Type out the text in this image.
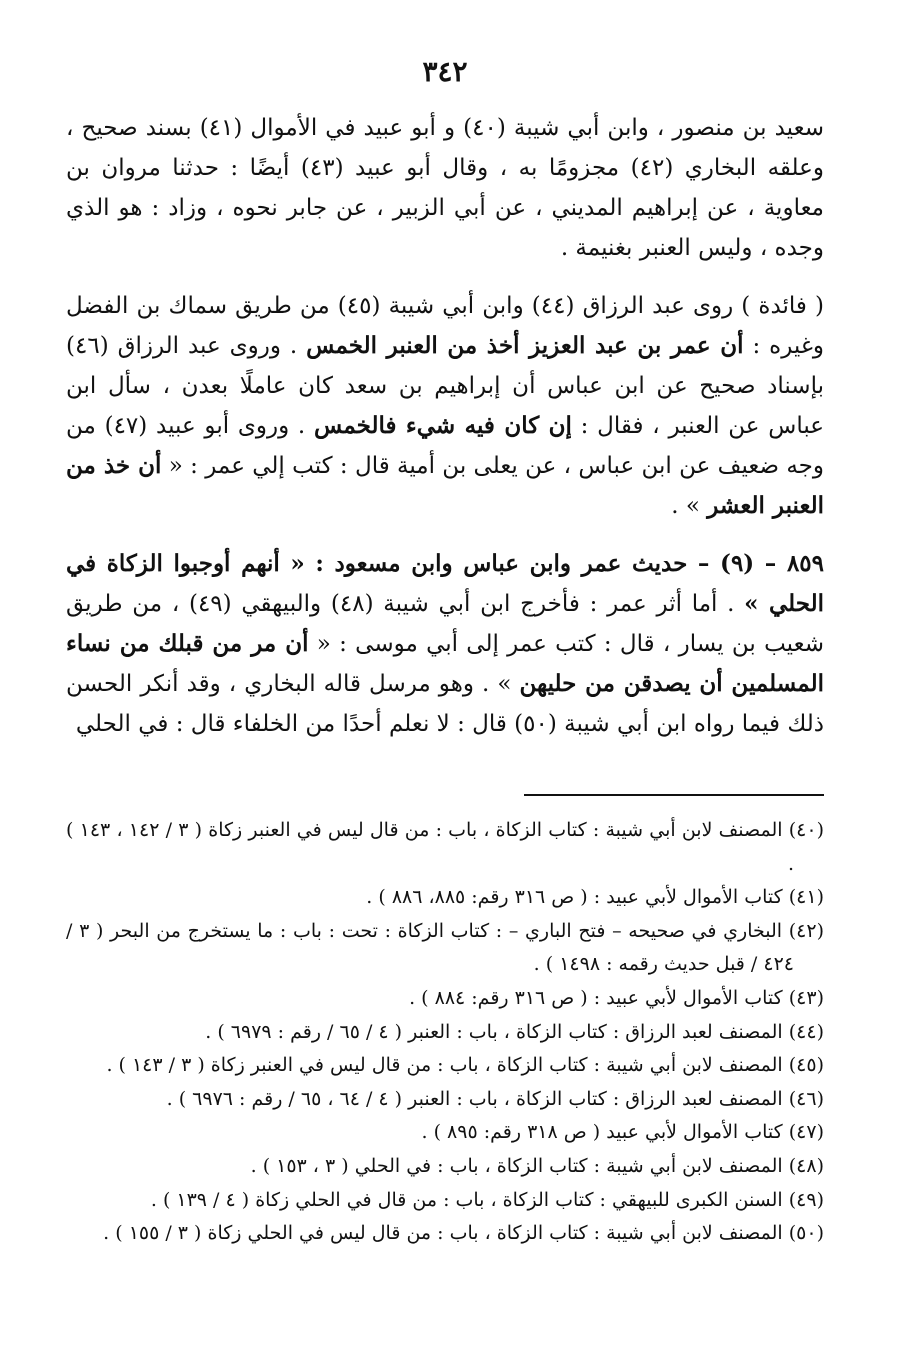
٣٤٢

سعيد بن منصور ، وابن أبي شيبة (٤٠) و أبو عبيد في الأموال (٤١) بسند صحيح ، وعلقه البخاري (٤٢) مجزومًا به ، وقال أبو عبيد (٤٣) أيضًا : حدثنا مروان بن معاوية ، عن إبراهيم المديني ، عن أبي الزبير ، عن جابر نحوه ، وزاد : هو الذي وجده ، وليس العنبر بغنيمة .

( فائدة ) روى عبد الرزاق (٤٤) وابن أبي شيبة (٤٥) من طريق سماك بن الفضل وغيره : أن عمر بن عبد العزيز أخذ من العنبر الخمس . وروى عبد الرزاق (٤٦) بإسناد صحيح عن ابن عباس أن إبراهيم بن سعد كان عاملًا بعدن ، سأل ابن عباس عن العنبر ، فقال : إن كان فيه شيء فالخمس . وروى أبو عبيد (٤٧) من وجه ضعيف عن ابن عباس ، عن يعلى بن أمية قال : كتب إلي عمر : « أن خذ من العنبر العشر » .

٨٥٩ – (٩) – حديث عمر وابن عباس وابن مسعود : « أنهم أوجبوا الزكاة في الحلي » . أما أثر عمر : فأخرج ابن أبي شيبة (٤٨) والبيهقي (٤٩) ، من طريق شعيب بن يسار ، قال : كتب عمر إلى أبي موسى : « أن مر من قبلك من نساء المسلمين أن يصدقن من حليهن » . وهو مرسل قاله البخاري ، وقد أنكر الحسن ذلك فيما رواه ابن أبي شيبة (٥٠) قال : لا نعلم أحدًا من الخلفاء قال : في الحلي

(٤٠) المصنف لابن أبي شيبة : كتاب الزكاة ، باب : من قال ليس في العنبر زكاة ( ٣ / ١٤٢ ، ١٤٣ ) .
(٤١) كتاب الأموال لأبي عبيد : ( ص ٣١٦ رقم: ٨٨٥، ٨٨٦ ) .
(٤٢) البخاري في صحيحه – فتح الباري – : كتاب الزكاة : تحت : باب : ما يستخرج من البحر ( ٣ / ٤٢٤ / قبل حديث رقمه : ١٤٩٨ ) .
(٤٣) كتاب الأموال لأبي عبيد : ( ص ٣١٦ رقم: ٨٨٤ ) .
(٤٤) المصنف لعبد الرزاق : كتاب الزكاة ، باب : العنبر ( ٤ / ٦٥ / رقم : ٦٩٧٩ ) .
(٤٥) المصنف لابن أبي شيبة : كتاب الزكاة ، باب : من قال ليس في العنبر زكاة ( ٣ / ١٤٣ ) .
(٤٦) المصنف لعبد الرزاق : كتاب الزكاة ، باب : العنبر ( ٤ / ٦٤ ، ٦٥ / رقم : ٦٩٧٦ ) .
(٤٧) كتاب الأموال لأبي عبيد ( ص ٣١٨ رقم: ٨٩٥ ) .
(٤٨) المصنف لابن أبي شيبة : كتاب الزكاة ، باب : في الحلي ( ٣ ، ١٥٣ ) .
(٤٩) السنن الكبرى للبيهقي : كتاب الزكاة ، باب : من قال في الحلي زكاة ( ٤ / ١٣٩ ) .
(٥٠) المصنف لابن أبي شيبة : كتاب الزكاة ، باب : من قال ليس في الحلي زكاة ( ٣ / ١٥٥ ) .
